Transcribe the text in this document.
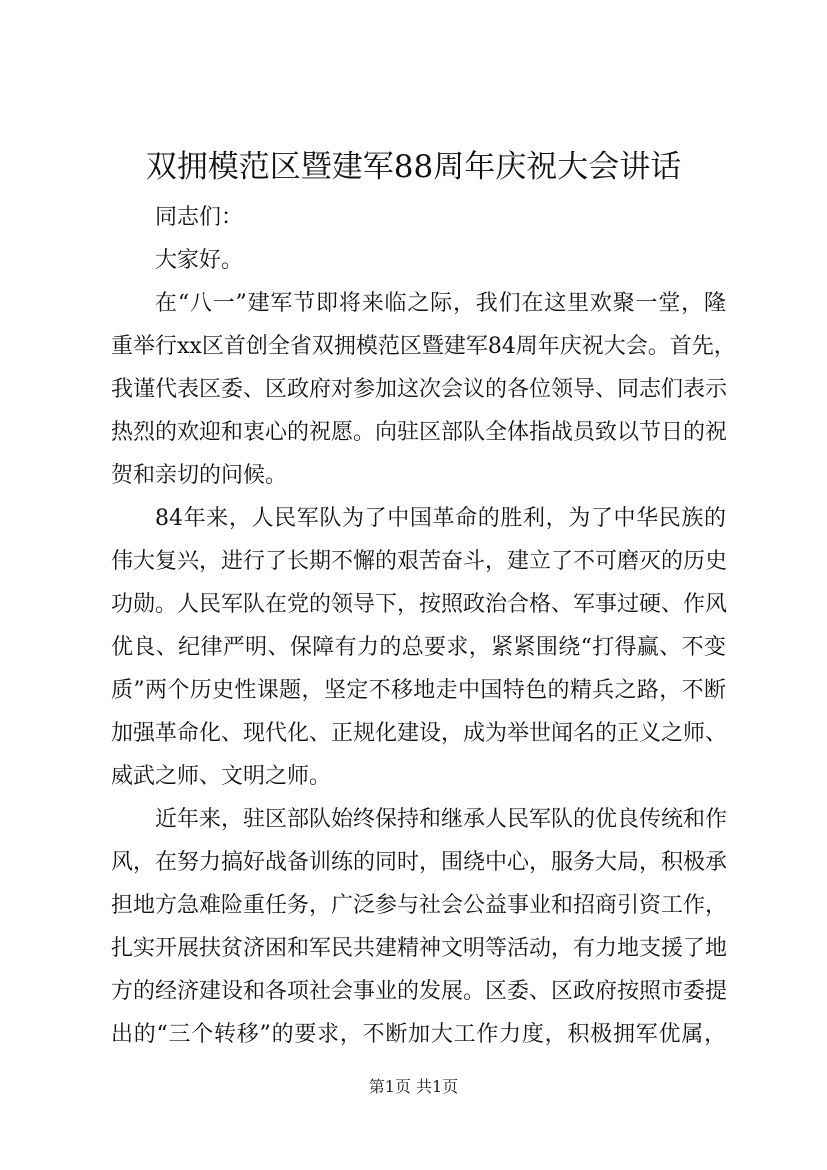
双拥模范区暨建军88周年庆祝大会讲话
同志们：
大家好。
在“八一”建军节即将来临之际，我们在这里欢聚一堂，隆
重举行xx区首创全省双拥模范区暨建军84周年庆祝大会。首先，
我谨代表区委、区政府对参加这次会议的各位领导、同志们表示
热烈的欢迎和衷心的祝愿。向驻区部队全体指战员致以节日的祝
贺和亲切的问候。
84年来，人民军队为了中国革命的胜利，为了中华民族的
伟大复兴，进行了长期不懈的艰苦奋斗，建立了不可磨灭的历史
功勋。人民军队在党的领导下，按照政治合格、军事过硬、作风
优良、纪律严明、保障有力的总要求，紧紧围绕“打得赢、不变
质”两个历史性课题，坚定不移地走中国特色的精兵之路，不断
加强革命化、现代化、正规化建设，成为举世闻名的正义之师、
威武之师、文明之师。
近年来，驻区部队始终保持和继承人民军队的优良传统和作
风，在努力搞好战备训练的同时，围绕中心，服务大局，积极承
担地方急难险重任务，广泛参与社会公益事业和招商引资工作，
扎实开展扶贫济困和军民共建精神文明等活动，有力地支援了地
方的经济建设和各项社会事业的发展。区委、区政府按照市委提
出的“三个转移”的要求，不断加大工作力度，积极拥军优属，
第1页 共1页
